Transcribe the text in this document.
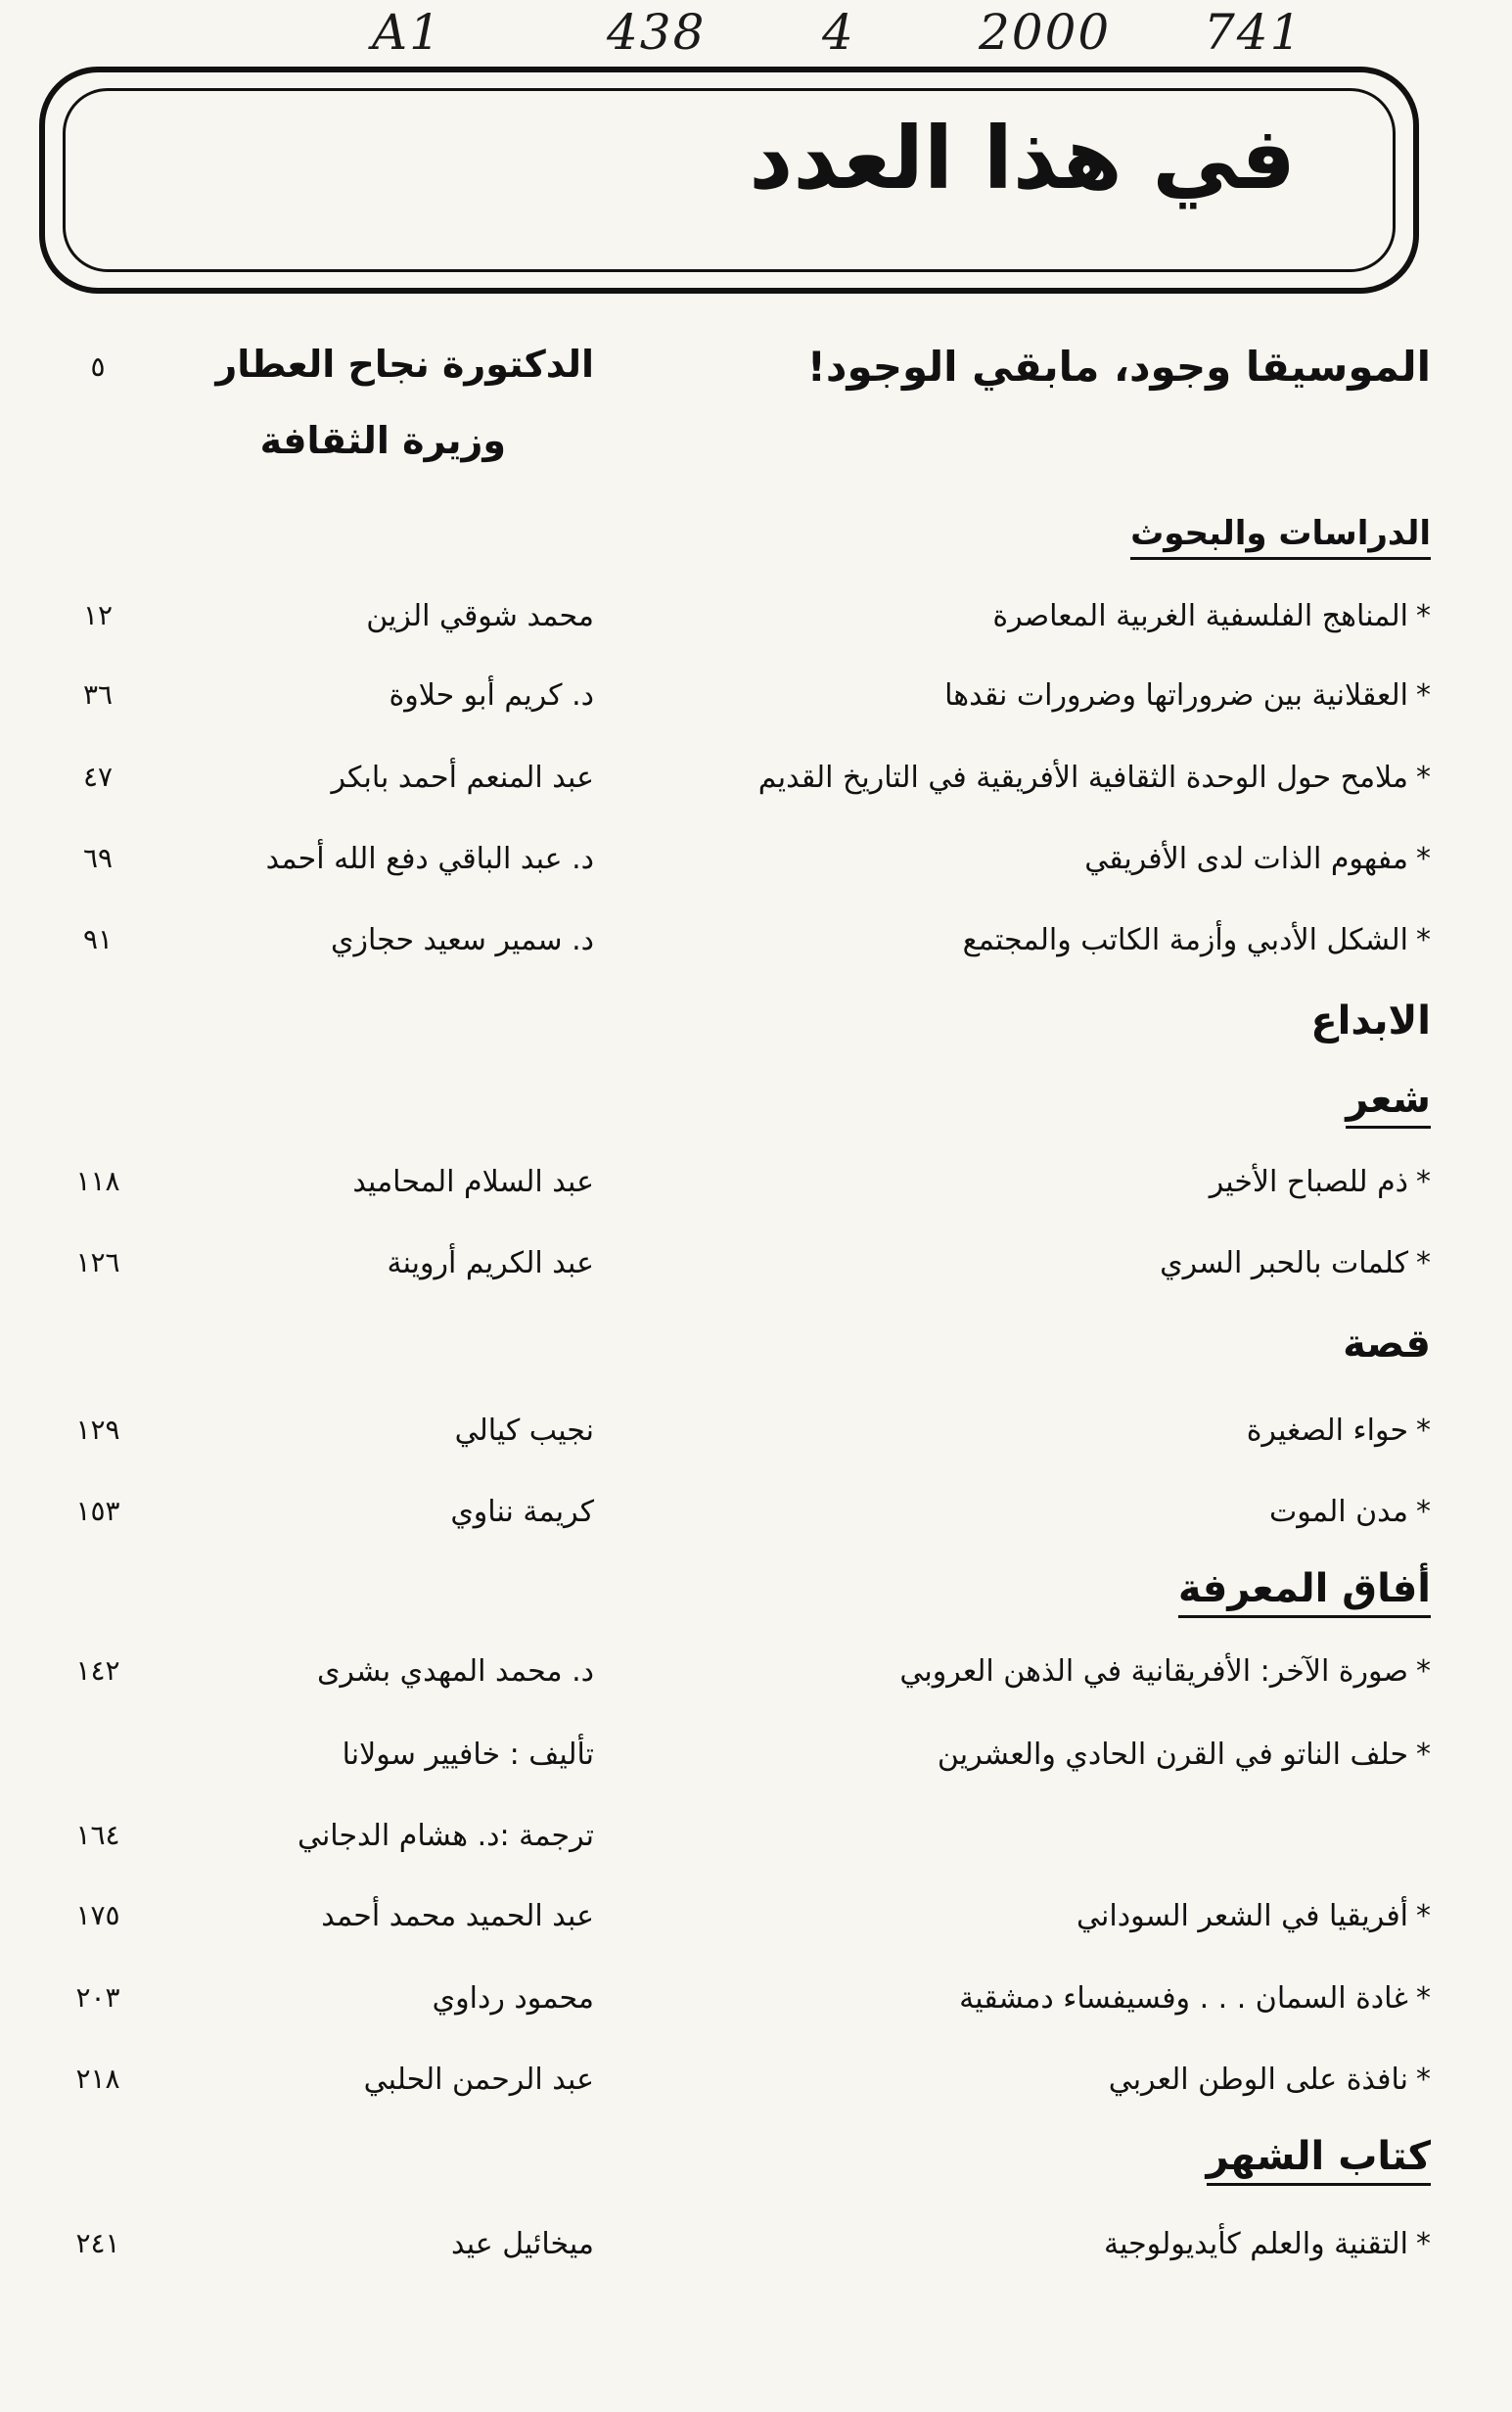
A1	438 4	2000 741
في هذا العدد
الموسيقا وجود، مابقي الوجود!
الدكتورة نجاح العطار
٥
وزيرة الثقافة
الدراسات والبحوث
*المناهج الفلسفية الغربية المعاصرة
محمد شوقي الزين
١٢
*العقلانية بين ضروراتها وضرورات نقدها
د. كريم أبو حلاوة
٣٦
*ملامح حول الوحدة الثقافية الأفريقية في التاريخ القديم
عبد المنعم أحمد بابكر
٤٧
*مفهوم الذات لدى الأفريقي
د. عبد الباقي دفع الله أحمد
٦٩
*الشكل الأدبي وأزمة الكاتب والمجتمع
د. سمير سعيد حجازي
٩١
الابداع
شعر
*ذم للصباح الأخير
عبد السلام المحاميد
١١٨
*كلمات بالحبر السري
عبد الكريم أروينة
١٢٦
قصة
*حواء الصغيرة
نجيب كيالي
١٢٩
*مدن الموت
كريمة نناوي
١٥٣
أفاق المعرفة
*صورة الآخر: الأفريقانية في الذهن العروبي
د. محمد المهدي بشرى
١٤٢
*حلف الناتو في القرن الحادي والعشرين
تأليف : خافيير سولانا
ترجمة :د. هشام الدجاني
١٦٤
*أفريقيا في الشعر السوداني
عبد الحميد محمد أحمد
١٧٥
*غادة السمان . . . وفسيفساء دمشقية
محمود رداوي
٢٠٣
*نافذة على الوطن العربي
عبد الرحمن الحلبي
٢١٨
كتاب الشهر
*التقنية والعلم كأيديولوجية
ميخائيل عيد
٢٤١
